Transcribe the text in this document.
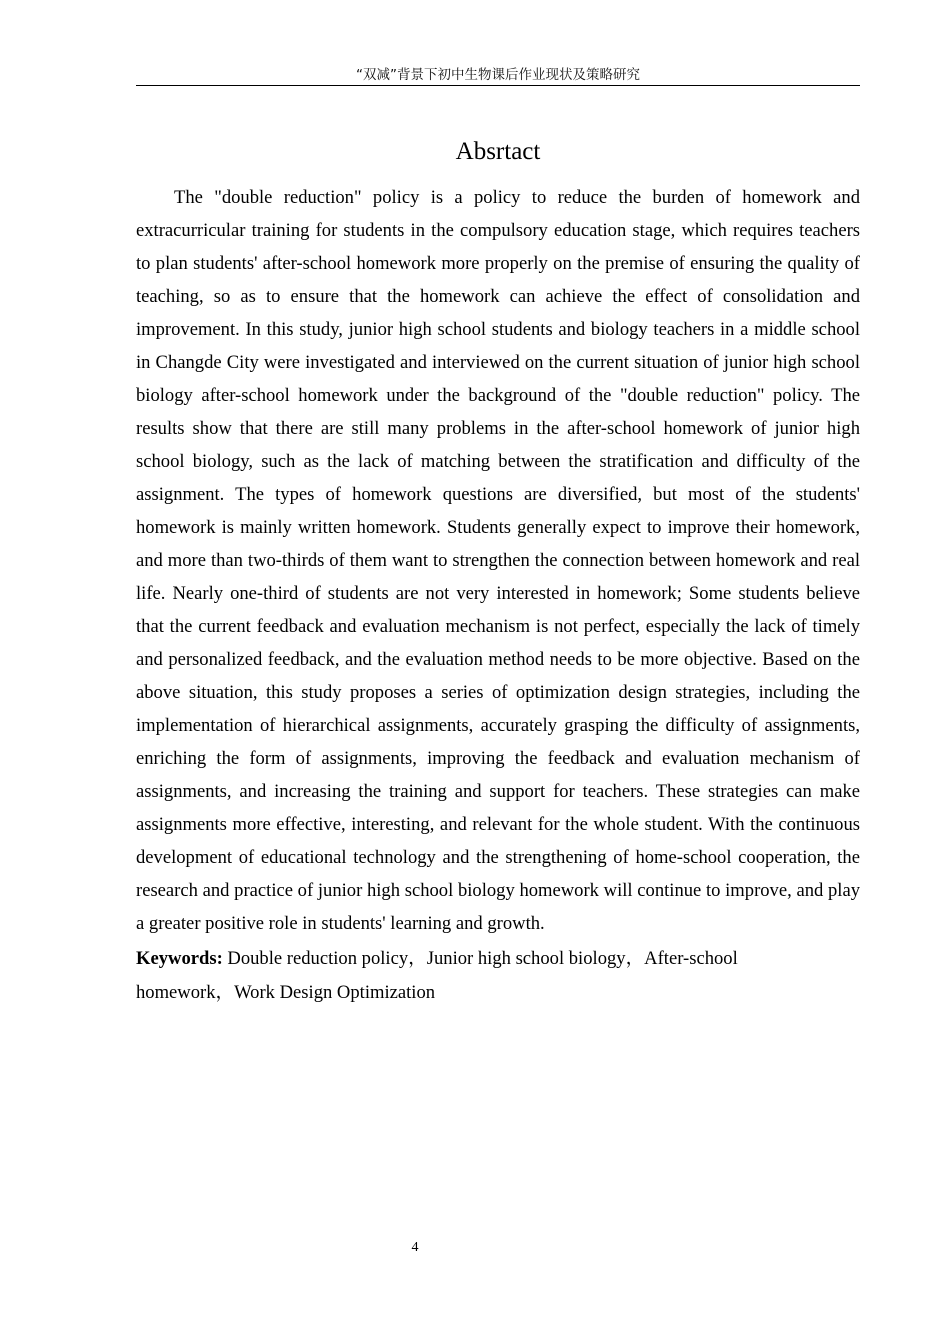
“双减”背景下初中生物课后作业现状及策略研究
Absrtact

The "double reduction" policy is a policy to reduce the burden of homework and extracurricular training for students in the compulsory education stage, which requires teachers to plan students' after-school homework more properly on the premise of ensuring the quality of teaching, so as to ensure that the homework can achieve the effect of consolidation and improvement. In this study, junior high school students and biology teachers in a middle school in Changde City were investigated and interviewed on the current situation of junior high school biology after-school homework under the background of the "double reduction" policy. The results show that there are still many problems in the after-school homework of junior high school biology, such as the lack of matching between the stratification and difficulty of the assignment. The types of homework questions are diversified, but most of the students' homework is mainly written homework. Students generally expect to improve their homework, and more than two-thirds of them want to strengthen the connection between homework and real life. Nearly one-third of students are not very interested in homework; Some students believe that the current feedback and evaluation mechanism is not perfect, especially the lack of timely and personalized feedback, and the evaluation method needs to be more objective. Based on the above situation, this study proposes a series of optimization design strategies, including the implementation of hierarchical assignments, accurately grasping the difficulty of assignments, enriching the form of assignments, improving the feedback and evaluation mechanism of assignments, and increasing the training and support for teachers. These strategies can make assignments more effective, interesting, and relevant for the whole student. With the continuous development of educational technology and the strengthening of home-school cooperation, the research and practice of junior high school biology homework will continue to improve, and play a greater positive role in students' learning and growth.

Keywords: Double reduction policy，Junior high school biology，After-school homework，Work Design Optimization

4
